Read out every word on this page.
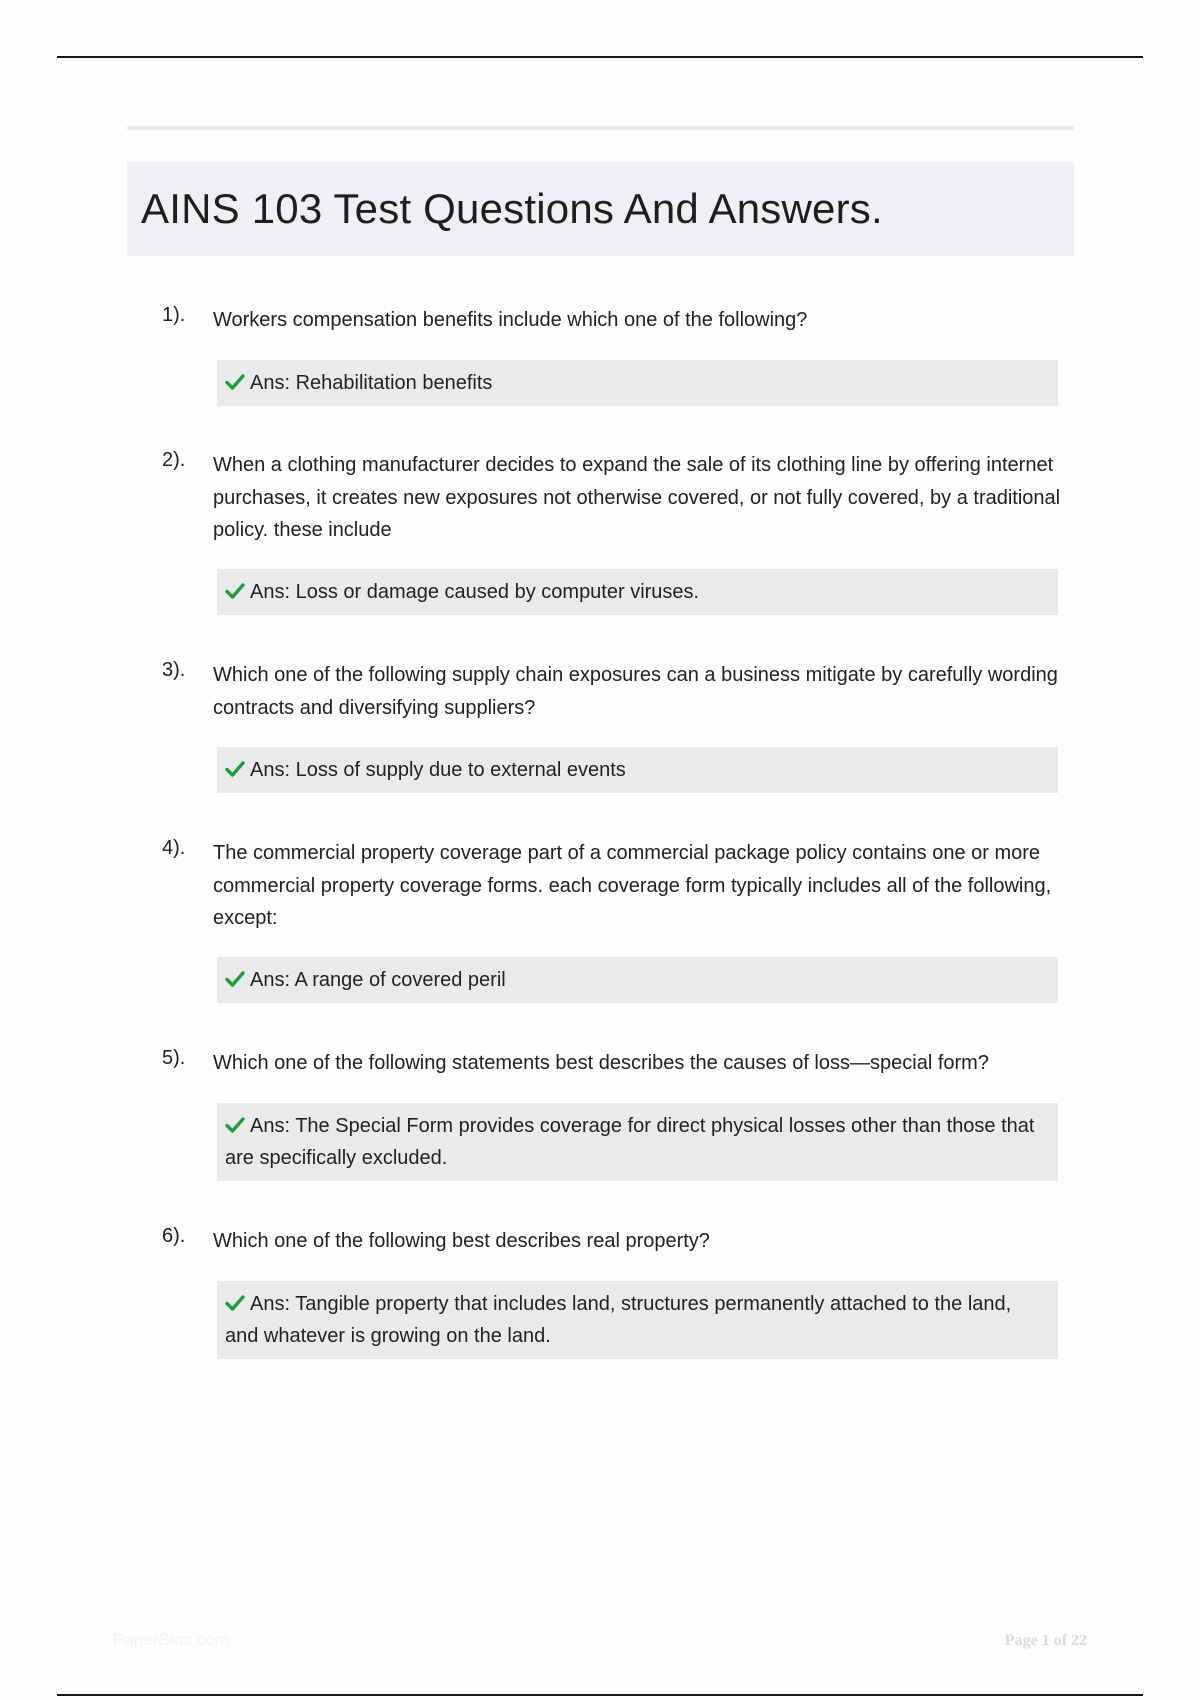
AINS 103 Test Questions And Answers.
1). Workers compensation benefits include which one of the following?
Ans: Rehabilitation benefits
2). When a clothing manufacturer decides to expand the sale of its clothing line by offering internet purchases, it creates new exposures not otherwise covered, or not fully covered, by a traditional policy. these include
Ans: Loss or damage caused by computer viruses.
3). Which one of the following supply chain exposures can a business mitigate by carefully wording contracts and diversifying suppliers?
Ans: Loss of supply due to external events
4). The commercial property coverage part of a commercial package policy contains one or more commercial property coverage forms. each coverage form typically includes all of the following, except:
Ans: A range of covered peril
5). Which one of the following statements best describes the causes of loss—special form?
Ans: The Special Form provides coverage for direct physical losses other than those that are specifically excluded.
6). Which one of the following best describes real property?
Ans: Tangible property that includes land, structures permanently attached to the land, and whatever is growing on the land.
PaperStoc.com	Page 1 of 22
